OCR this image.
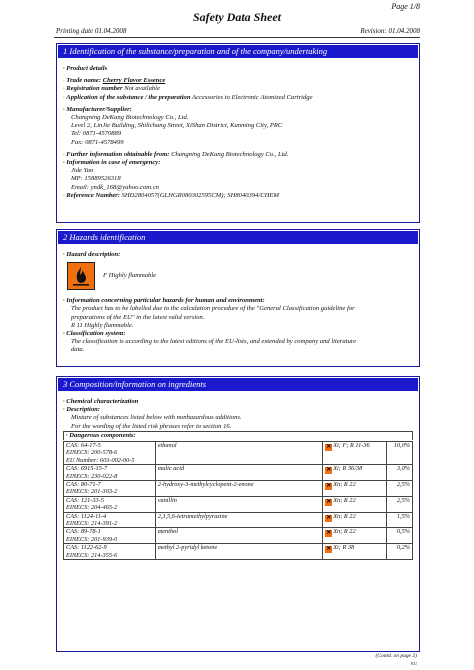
Page 1/8
Safety Data Sheet
Printing date 01.04.2008	Revision: 01.04.2008
1 Identification of the substance/preparation and of the company/undertaking
· Product details
· Trade name: Cherry Flavor Essence
· Registration number Not available
· Application of the substance / the preparation Accessories to Electronic Atomized Cartridge
· Manufacturer/Supplier:
Changning DeKang Biotechnology Co., Ltd.
Level 2, LinJie Building, Shilichang Street, XiShan District, Kunming City, PRC
Tel: 0871-4570889
Fax: 0871-4578499
· Further information obtainable from: Changning DeKang Biotechnology Co., Ltd.
· Information in case of emergency:
Jide Yao
MP: 15889526318
Email: yndk_168@yahoo.com.cn
· Reference Number: SHD2804057(GLHGR080302595CM); SH8040394/CHEM
2 Hazards identification
· Hazard description:
F Highly flammable
· Information concerning particular hazards for human and environment:
The product has to be labelled due to the calculation procedure of the "General Classification guideline for
preparations of the EU" in the latest valid version.
R 11 Highly flammable.
· Classification system:
The classification is according to the latest editions of the EU-lists, and extended by company and literature
data.
3 Composition/information on ingredients
· Chemical characterization
· Description:
Mixture of substances listed below with nonhazardous additions.
For the wording of the listed risk phrases refer to section 16.
· Dangerous components:
CAS: 64-17-5
EINECS: 200-578-6
EU Number: 603-002-00-5	ethanol	✕ Xi; F; R 11-36	10,0%

CAS: 6915-15-7
EINECS: 230-022-8	malic acid	✕ Xi; R 36/38	3,0%

CAS: 80-71-7
EINECS: 201-303-2	2-hydroxy-3-methylcyclopent-2-enone	✕ Xn; R 22	2,5%

CAS: 121-33-5
EINECS: 204-465-2	vanillin	✕ Xn; R 22	2,5%

CAS: 1124-11-4
EINECS: 214-391-2	2,3,5,6-tetramethylpyrazine	✕ Xn; R 22	1,5%

CAS: 89-78-1
EINECS: 201-939-0	menthol	✕ Xn; R 22	0,5%

CAS: 1122-62-9
EINECS: 214-355-6	methyl 2-pyridyl ketone	✕ Xi; R 38	0,2%
(Contd. on page 2)
EU
